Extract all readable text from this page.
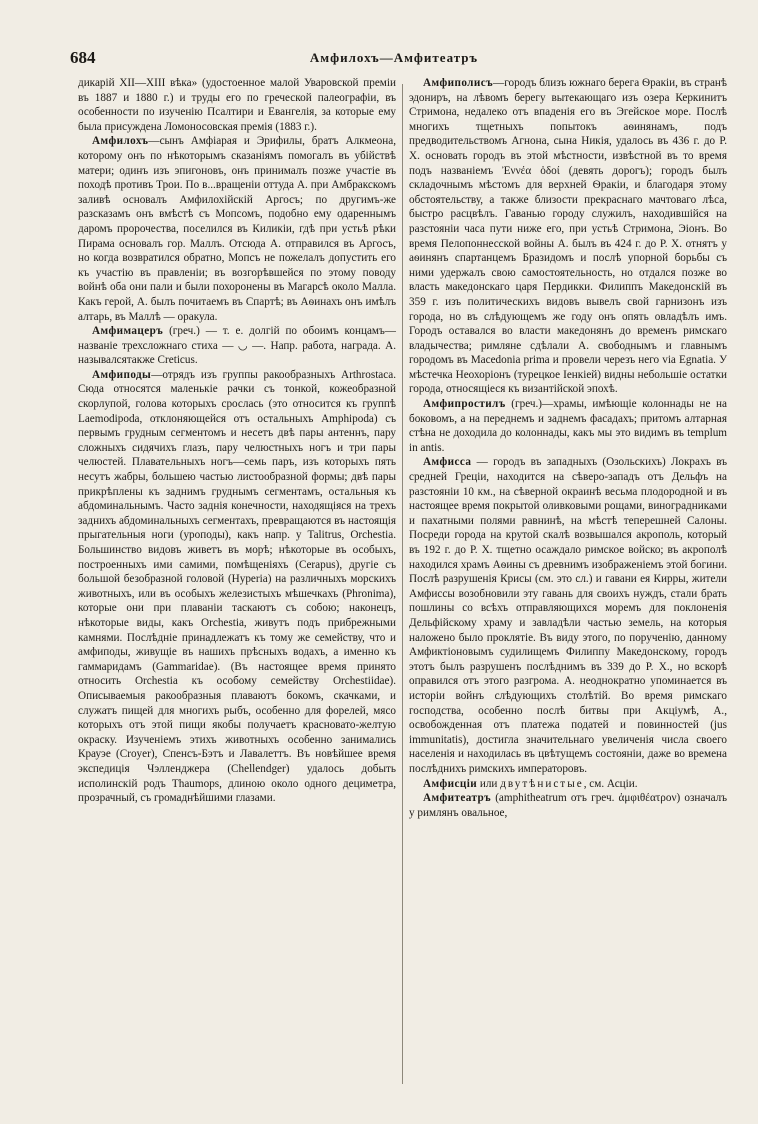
684	Амфилохъ—Амфитеатръ

дикарій XII—XIII вѣка» (удостоенное малой Уваровской преміи въ 1887 и 1880 г.) и труды его по греческой палеографіи, въ особенности по изученію Псалтири и Евангелія, за которые ему была присуждена Ломоносовская премія (1883 г.).

Амфилохъ—сынъ Амфіарая и Эрифилы, братъ Алкмеона, которому онъ по нѣкоторымъ сказаніямъ помогалъ въ убійствѣ матери; одинъ изъ эпигоновъ, онъ принималъ позже участіе въ походѣ противъ Трои. По в...вращеніи оттуда А. при Амбракскомъ заливѣ основалъ Амфилохійскій Аргосъ; по другимъ-же разсказамъ онъ вмѣстѣ съ Мопсомъ, подобно ему одареннымъ даромъ пророчества, поселился въ Киликіи, гдѣ при устьѣ рѣки Пирама основалъ гор. Маллъ. Отсюда А. отправился въ Аргосъ, но когда возвратился обратно, Мопсъ не пожелалъ допустить его къ участію въ правленіи; въ возгорѣвшейся по этому поводу войнѣ оба они пали и были похоронены въ Магарсѣ около Малла. Какъ герой, А. былъ почитаемъ въ Спартѣ; въ Аѳинахъ онъ имѣлъ алтарь, въ Маллѣ — оракула.

Амфимацеръ (греч.) — т. е. долгій по обоимъ концамъ—названіе трехсложнаго стиха — ◡ —. Напр. работа, награда. А. называлсятакже Creticus.

Амфиподы—отрядъ изъ группы ракообразныхъ Arthrostaca. Сюда относятся маленькіе рачки съ тонкой, кожеобразной скорлупой, голова которыхъ срослась (это относится къ группѣ Laemodipoda, отклоняющейся отъ остальныхъ Amphipoda) съ первымъ грудным сегментомъ и несетъ двѣ пары антеннъ, пару сложныхъ сидячихъ глазъ, пару челюстныхъ ногъ и три пары челюстей. Плавательныхъ ногъ—семь паръ, изъ которыхъ пять несутъ жабры, большею частью листообразной формы; двѣ пары прикрѣплены къ заднимъ груднымъ сегментамъ, остальныя къ абдоминальнымъ. Часто заднія конечности, находящіяся на трехъ заднихъ абдоминальныхъ сегментахъ, превращаются въ настоящія прыгательныя ноги (уроподы), какъ напр. у Talitrus, Orchestia. Большинство видовъ живетъ въ морѣ; нѣкоторые въ особыхъ, построенныхъ ими самими, помѣщеніяхъ (Cerapus), другіе съ большой безобразной головой (Hyperia) на различныхъ морскихъ животныхъ, или въ особыхъ железистыхъ мѣшечкахъ (Phronima), которые они при плаваніи таскаютъ съ собою; наконецъ, нѣкоторые виды, какъ Orchestia, живутъ подъ прибрежными камнями. Послѣдніе принадлежатъ къ тому же семейству, что и амфиподы, живущіе въ нашихъ прѣсныхъ водахъ, а именно къ гаммаридамъ (Gammaridae). (Въ настоящее время принято относить Orchestia къ особому семейству Orchestiidae). Описываемыя ракообразныя плаваютъ бокомъ, скачками, и служатъ пищей для многихъ рыбъ, особенно для форелей, мясо которыхъ отъ этой пищи якобы получаетъ красновато-желтую окраску. Изученіемъ этихъ животныхъ особенно занимались Крауэе (Croyer), Спенсъ-Бэтъ и Лавалеттъ. Въ новѣйшее время экспедиція Чэлленджера (Chellendger) удалось добыть исполинскій родъ Thaumops, длиною около одного дециметра, прозрачный, съ громаднѣйшими глазами.

Амфиполисъ—городъ близъ южнаго берега Ѳракіи, въ странѣ эдониръ, на лѣвомъ берегу вытекающаго изъ озера Керкинитъ Стримона, недалеко отъ впаденія его въ Эгейское море. Послѣ многихъ тщетныхъ попытокъ аѳинянамъ, подъ предводительствомъ Агнона, сына Никія, удалось въ 436 г. до Р. Х. основать городъ въ этой мѣстности, извѣстной въ то время подъ названіемъ Ἐννέα ὁδοί (девять дорогъ); городъ былъ складочнымъ мѣстомъ для верхней Ѳракіи, и благодаря этому обстоятельству, а также близости прекраснаго мачтоваго лѣса, быстро расцвѣлъ. Гаванью городу служилъ, находившійся на разстояніи часа пути ниже его, при устьѣ Стримона, Эіонъ. Во время Пелопоннесской войны А. былъ въ 424 г. до Р. Х. отнятъ у аѳинянъ спартанцемъ Бразидомъ и послѣ упорной борьбы съ ними удержалъ свою самостоятельность, но отдался позже во власть македонскаго царя Пердикки. Филиппъ Македонскій въ 359 г. изъ политическихъ видовъ вывелъ свой гарнизонъ изъ города, но въ слѣдующемъ же году онъ опять овладѣлъ имъ. Городъ оставался во власти македонянъ до временъ римскаго владычества; римляне сдѣлали А. свободнымъ и главнымъ городомъ въ Macedonia prima и провели черезъ него via Egnatia. У мѣстечка Неохоріонъ (турецкое Іенкіей) видны небольшіе остатки города, относящіеся къ византійской эпохѣ.

Амфипростилъ (греч.)—храмы, имѣющіе колоннады не на боковомъ, а на переднемъ и заднемъ фасадахъ; притомъ алтарная стѣна не доходила до колоннады, какъ мы это видимъ въ templum in antis.

Амфисса — городъ въ западныхъ (Озольскихъ) Локрахъ въ средней Греціи, находится на сѣверо-западъ отъ Дельфъ на разстояніи 10 км., на сѣверной окраинѣ весьма плодородной и въ настоящее время покрытой оливковыми рощами, виноградниками и пахатными полями равнинѣ, на мѣстѣ теперешней Салоны. Посреди города на крутой скалѣ возвышался акрополь, который въ 192 г. до Р. Х. тщетно осаждало римское войско; въ акрополѣ находился храмъ Аѳины съ древнимъ изображеніемъ этой богини. Послѣ разрушенія Крисы (см. это сл.) и гавани ея Кирры, жители Амфиссы возобновили эту гавань для своихъ нуждъ, стали брать пошлины со всѣхъ отправляющихся моремъ для поклоненія Дельфійскому храму и завладѣли частью земель, на которыя наложено было проклятіе. Въ виду этого, по порученію, данному Амфиктіоновымъ судилищемъ Филиппу Македонскому, городъ этотъ былъ разрушенъ послѣднимъ въ 339 до Р. Х., но вскорѣ оправился отъ этого разгрома. А. неоднократно упоминается въ исторіи войнъ слѣдующихъ столѣтій. Во время римскаго господства, особенно послѣ битвы при Акціумѣ, А., освобожденная отъ платежа податей и повинностей (jus immunitatis), достигла значительнаго увеличенія числа своего населенія и находилась въ цвѣтущемъ состояніи, даже во времена послѣднихъ римскихъ императоровъ.

Амфисціи или двутѣнистые, см. Асціи.

Амфитеатръ (amphitheatrum отъ греч. ἀμφιθέατρον) означалъ у римлянъ овальное,
